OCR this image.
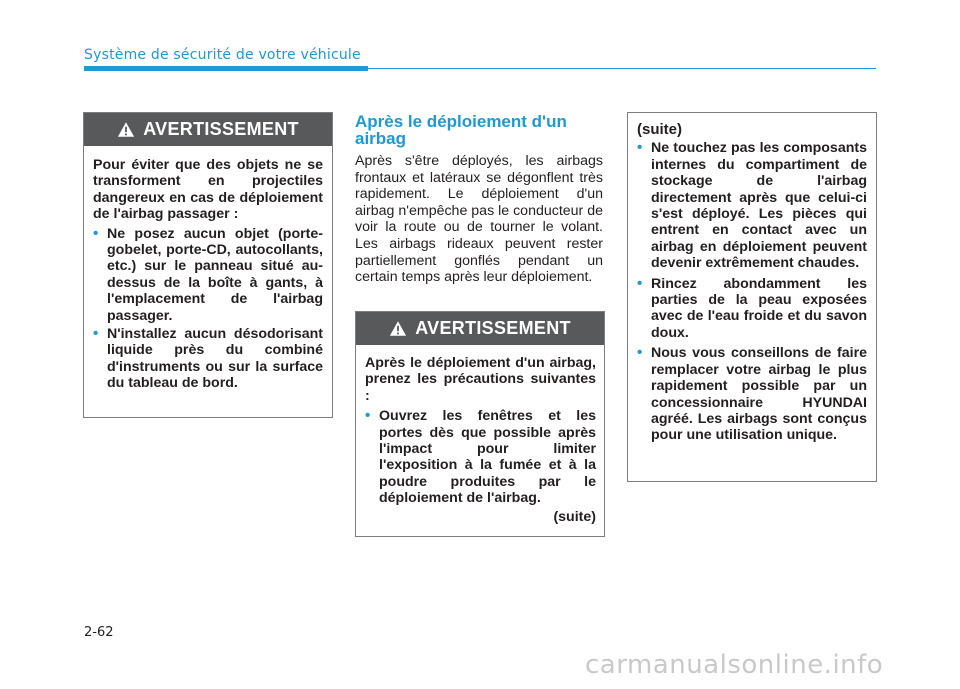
Système de sécurité de votre véhicule
AVERTISSEMENT

Pour éviter que des objets ne se transforment en projectiles dangereux en cas de déploiement de l'airbag passager :

• Ne posez aucun objet (porte-gobelet, porte-CD, autocollants, etc.) sur le panneau situé au-dessus de la boîte à gants, à l'emplacement de l'airbag passager.
• N'installez aucun désodorisant liquide près du combiné d'instruments ou sur la surface du tableau de bord.
Après le déploiement d'un airbag
Après s'être déployés, les airbags frontaux et latéraux se dégonflent très rapidement. Le déploiement d'un airbag n'empêche pas le conducteur de voir la route ou de tourner le volant. Les airbags rideaux peuvent rester partiellement gonflés pendant un certain temps après leur déploiement.
AVERTISSEMENT

Après le déploiement d'un airbag, prenez les précautions suivantes :

• Ouvrez les fenêtres et les portes dès que possible après l'impact pour limiter l'exposition à la fumée et à la poudre produites par le déploiement de l'airbag.

(suite)

(suite)

• Ne touchez pas les composants internes du compartiment de stockage de l'airbag directement après que celui-ci s'est déployé. Les pièces qui entrent en contact avec un airbag en déploiement peuvent devenir extrêmement chaudes.
• Rincez abondamment les parties de la peau exposées avec de l'eau froide et du savon doux.
• Nous vous conseillons de faire remplacer votre airbag le plus rapidement possible par un concessionnaire HYUNDAI agréé. Les airbags sont conçus pour une utilisation unique.
2-62
carmanualsonline.info
